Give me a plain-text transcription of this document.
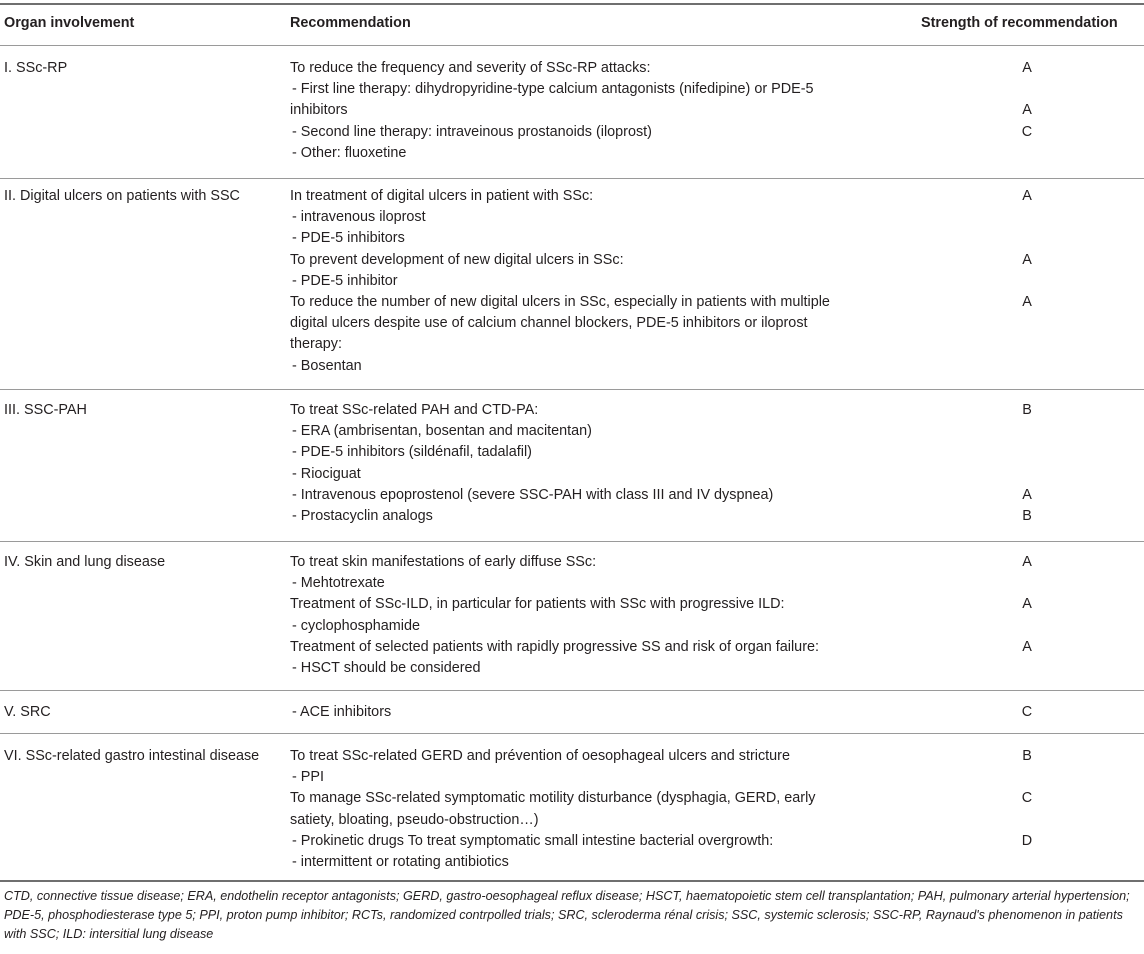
Organ involvement	Recommendation	Strength of recommendation
I. SSc-RP	To reduce the frequency and severity of SSc-RP attacks:
- First line therapy: dihydropyridine-type calcium antagonists (nifedipine) or PDE-5
inhibitors
- Second line therapy: intraveinous prostanoids (iloprost)
- Other: fluoxetine
A
A
C
II. Digital ulcers on patients with SSC	In treatment of digital ulcers in patient with SSc:
- intravenous iloprost
- PDE-5 inhibitors
To prevent development of new digital ulcers in SSc:
- PDE-5 inhibitor
To reduce the number of new digital ulcers in SSc, especially in patients with multiple
digital ulcers despite use of calcium channel blockers, PDE-5 inhibitors or iloprost
therapy:
- Bosentan
A
A
A
III. SSC-PAH	To treat SSc-related PAH and CTD-PA:
- ERA (ambrisentan, bosentan and macitentan)
- PDE-5 inhibitors (sildénafil, tadalafil)
- Riociguat
- Intravenous epoprostenol (severe SSC-PAH with class III and IV dyspnea)
- Prostacyclin analogs
B
A
B
IV. Skin and lung disease	To treat skin manifestations of early diffuse SSc:
- Mehtotrexate
Treatment of SSc-ILD, in particular for patients with SSc with progressive ILD:
- cyclophosphamide
Treatment of selected patients with rapidly progressive SS and risk of organ failure:
- HSCT should be considered
A
A
A
V. SRC
-	ACE inhibitors	C
VI. SSc-related gastro intestinal disease To treat SSc-related GERD and prévention of oesophageal ulcers and stricture
- PPI
To manage SSc-related symptomatic motility disturbance (dysphagia, GERD, early
satiety, bloating, pseudo-obstruction…)
- Prokinetic drugs To treat symptomatic small intestine bacterial overgrowth:
- intermittent or rotating antibiotics
B
C
D
CTD, connective tissue disease; ERA, endothelin receptor antagonists; GERD, gastro-oesophageal reflux disease; HSCT, haematopoietic stem cell transplantation; PAH, pulmonary arterial hypertension; PDE-5, phosphodiesterase type 5; PPI, proton pump inhibitor; RCTs, randomized contrpolled trials; SRC, scleroderma rénal crisis; SSC, systemic sclerosis; SSC-RP, Raynaud's phenomenon in patients with SSC; ILD: intersitial lung disease
